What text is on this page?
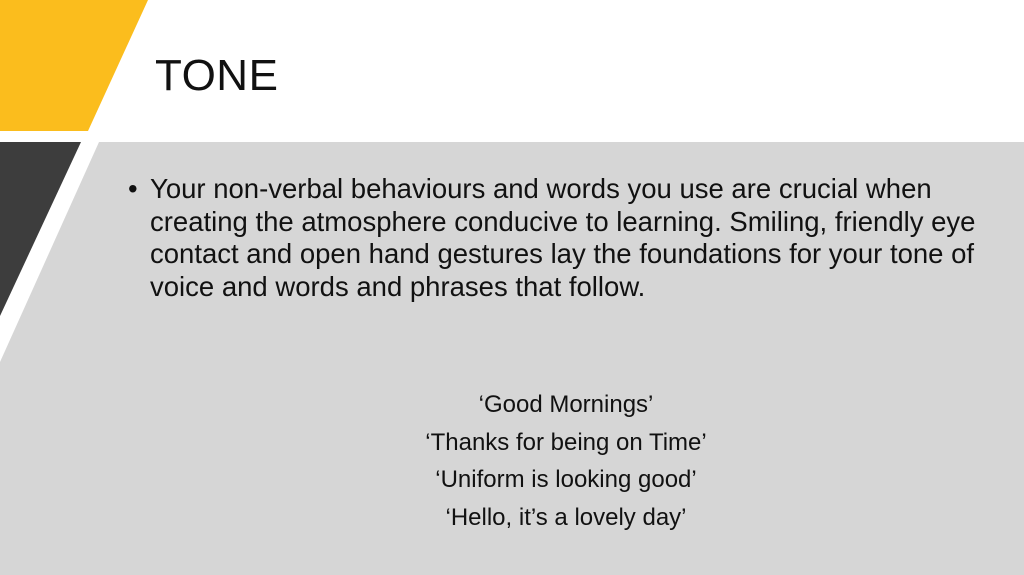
TONE
• Your non-verbal behaviours and words you use are crucial when creating the atmosphere conducive to learning. Smiling, friendly eye contact and open hand gestures lay the foundations for your tone of voice and words and phrases that follow.
‘Good Mornings’
‘Thanks for being on Time’
‘Uniform is looking good’
‘Hello, it’s a lovely day’
